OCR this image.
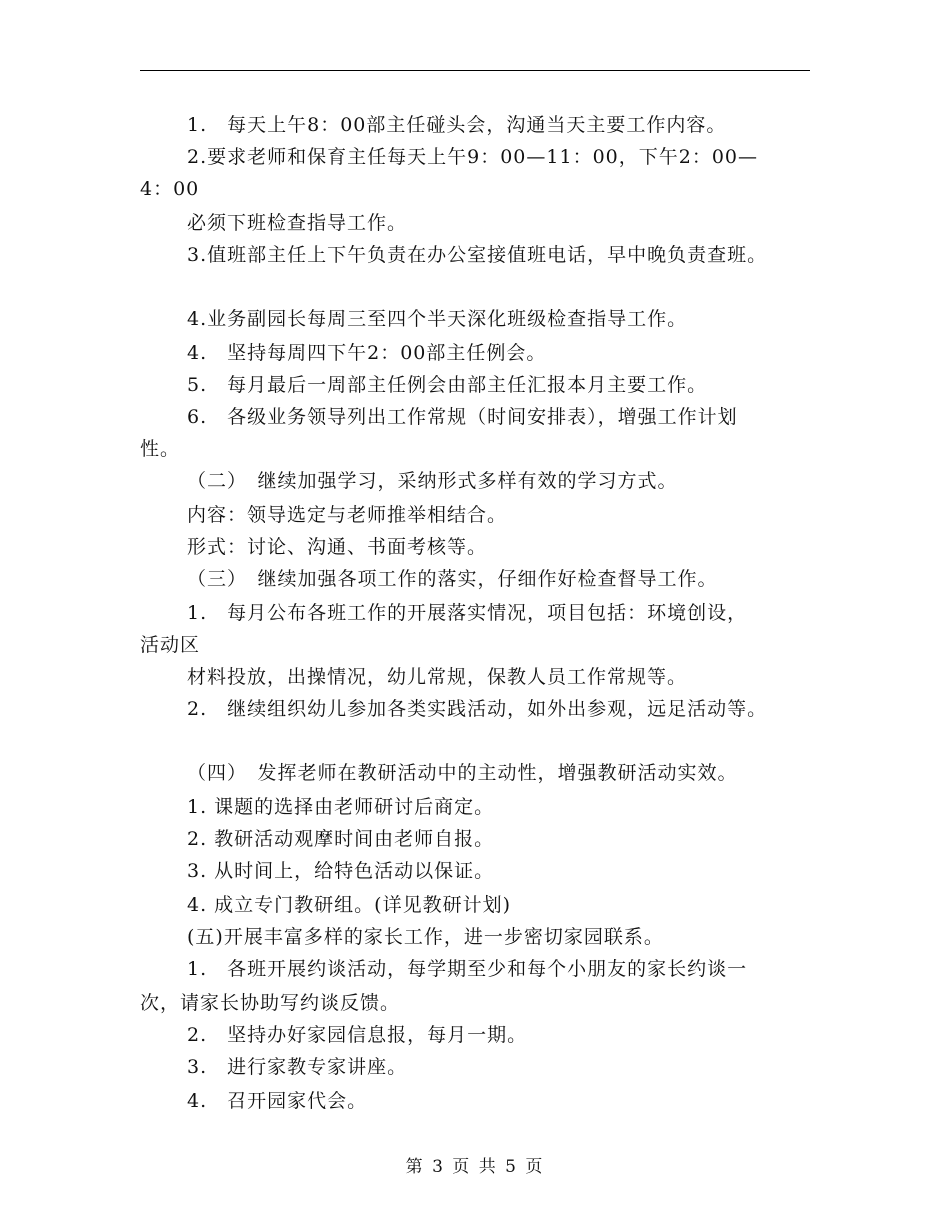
1.　每天上午8：00部主任碰头会，沟通当天主要工作内容。
2.要求老师和保育主任每天上午9：00—11：00，下午2：00—
4：00
必须下班检查指导工作。
3.值班部主任上下午负责在办公室接值班电话，早中晚负责查班。
4.业务副园长每周三至四个半天深化班级检查指导工作。
4.　坚持每周四下午2：00部主任例会。
5.　每月最后一周部主任例会由部主任汇报本月主要工作。
6.　各级业务领导列出工作常规（时间安排表），增强工作计划
性。
（二）　继续加强学习，采纳形式多样有效的学习方式。
内容：领导选定与老师推举相结合。
形式：讨论、沟通、书面考核等。
（三）　继续加强各项工作的落实，仔细作好检查督导工作。
1.　每月公布各班工作的开展落实情况，项目包括：环境创设，
活动区
材料投放，出操情况，幼儿常规，保教人员工作常规等。
2.　继续组织幼儿参加各类实践活动，如外出参观，远足活动等。
（四）　发挥老师在教研活动中的主动性，增强教研活动实效。
1. 课题的选择由老师研讨后商定。
2. 教研活动观摩时间由老师自报。
3. 从时间上，给特色活动以保证。
4. 成立专门教研组。(详见教研计划)
(五)开展丰富多样的家长工作，进一步密切家园联系。
1.　各班开展约谈活动，每学期至少和每个小朋友的家长约谈一
次，请家长协助写约谈反馈。
2.　坚持办好家园信息报，每月一期。
3.　进行家教专家讲座。
4.　召开园家代会。
第 3 页 共 5 页
